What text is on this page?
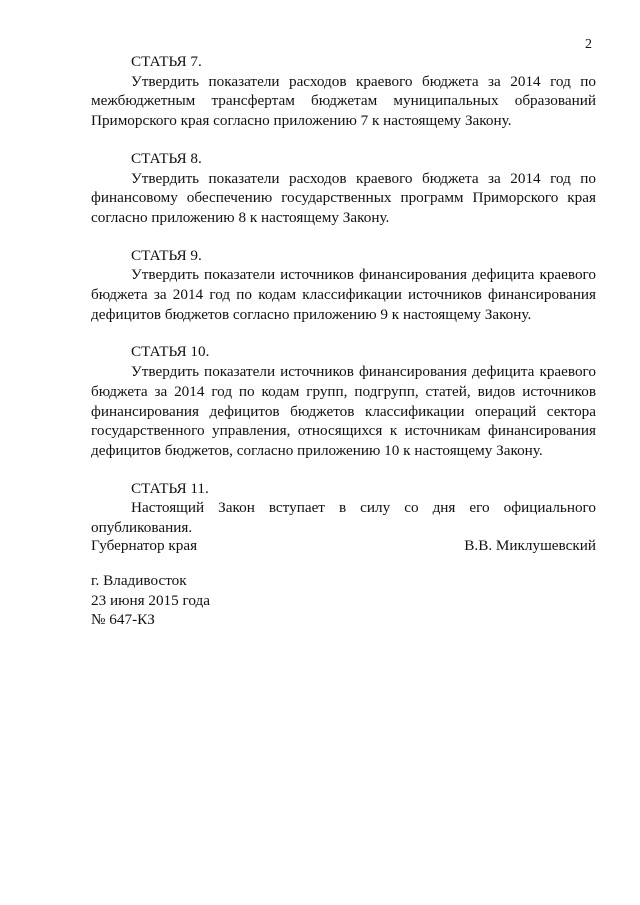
2

СТАТЬЯ 7.

Утвердить показатели расходов краевого бюджета за 2014 год по межбюджетным трансфертам бюджетам муниципальных образований Приморского края согласно приложению 7 к настоящему Закону.

СТАТЬЯ 8.

Утвердить показатели расходов краевого бюджета за 2014 год по финансовому обеспечению государственных программ Приморского края согласно приложению 8 к настоящему Закону.

СТАТЬЯ 9.

Утвердить показатели источников финансирования дефицита краевого бюджета за 2014 год по кодам классификации источников финансирования дефицитов бюджетов согласно приложению 9 к настоящему Закону.

СТАТЬЯ 10.

Утвердить показатели источников финансирования дефицита краевого бюджета за 2014 год по кодам групп, подгрупп, статей, видов источников финансирования дефицитов бюджетов классификации операций сектора государственного управления, относящихся к источникам финансирования дефицитов бюджетов, согласно приложению 10 к настоящему Закону.

СТАТЬЯ 11.

Настоящий Закон вступает в силу со дня его официального опубликования.

Губернатор края	В.В. Миклушевский
г. Владивосток
23 июня 2015 года
№ 647-КЗ
